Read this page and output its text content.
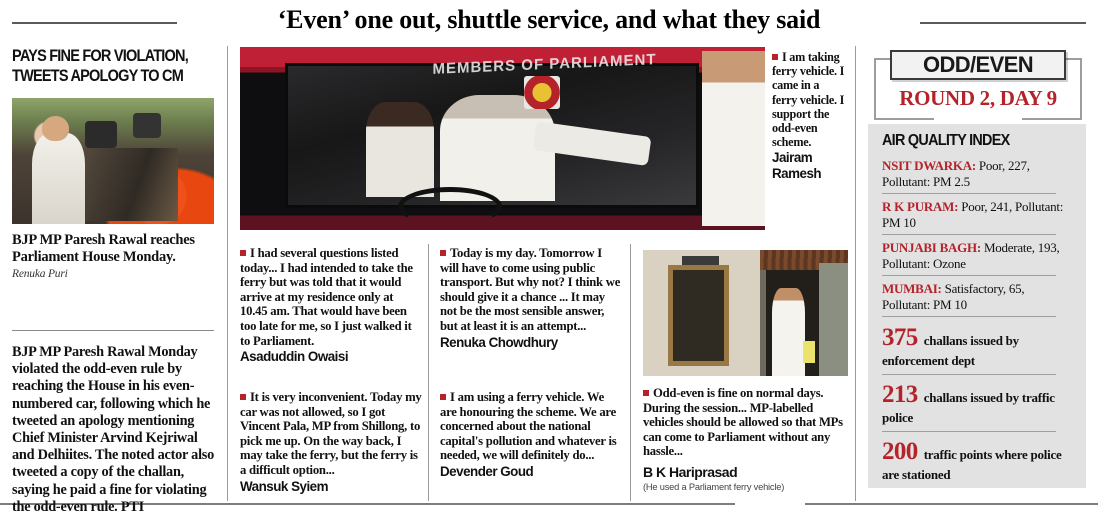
‘Even’ one out, shuttle service, and what they said
PAYS FINE FOR VIOLATION,
TWEETS APOLOGY TO CM
BJP MP Paresh Rawal reaches Parliament House Monday.
Renuka Puri
BJP MP Paresh Rawal Monday violated the odd-even rule by reaching the House in his even-numbered car, following which he tweeted an apology mentioning Chief Minister Arvind Kejriwal and Delhiites. The noted actor also tweeted a copy of the challan, saying he paid a fine for violating the odd-even rule. PTI
MEMBERS OF PARLIAMENT	I am taking ferry vehicle. I came in a ferry vehicle. I support the odd-even scheme.

Jairam Ramesh

I had several questions listed today... I had intended to take the ferry but was told that it would arrive at my residence only at 10.45 am. That would have been too late for me, so I just walked it to Parliament.

Asaduddin Owaisi

Today is my day. Tomorrow I will have to come using public transport. But why not? I think we should give it a chance ... It may not be the most sensible answer, but at least it is an attempt...

Renuka Chowdhury

It is very inconvenient. Today my car was not allowed, so I got Vincent Pala, MP from Shillong, to pick me up. On the way back, I may take the ferry, but the ferry is a difficult option...

Wansuk Syiem

I am using a ferry vehicle. We are honouring the scheme. We are concerned about the national capital's pollution and whatever is needed, we will definitely do...

Devender Goud

Odd-even is fine on normal days. During the session... MP-labelled vehicles should be allowed so that MPs can come to Parliament without any hassle...

B K Hariprasad
(He used a Parliament ferry vehicle)
ODD/EVEN
ROUND 2, DAY 9
AIR QUALITY INDEX

NSIT DWARKA: Poor, 227, Pollutant: PM 2.5

R K PURAM: Poor, 241, Pollutant: PM 10

PUNJABI BAGH: Moderate, 193, Pollutant: Ozone

MUMBAI: Satisfactory, 65, Pollutant: PM 10

375 challans issued by enforcement dept
213 challans issued by traffic police
200 traffic points where police are stationed
